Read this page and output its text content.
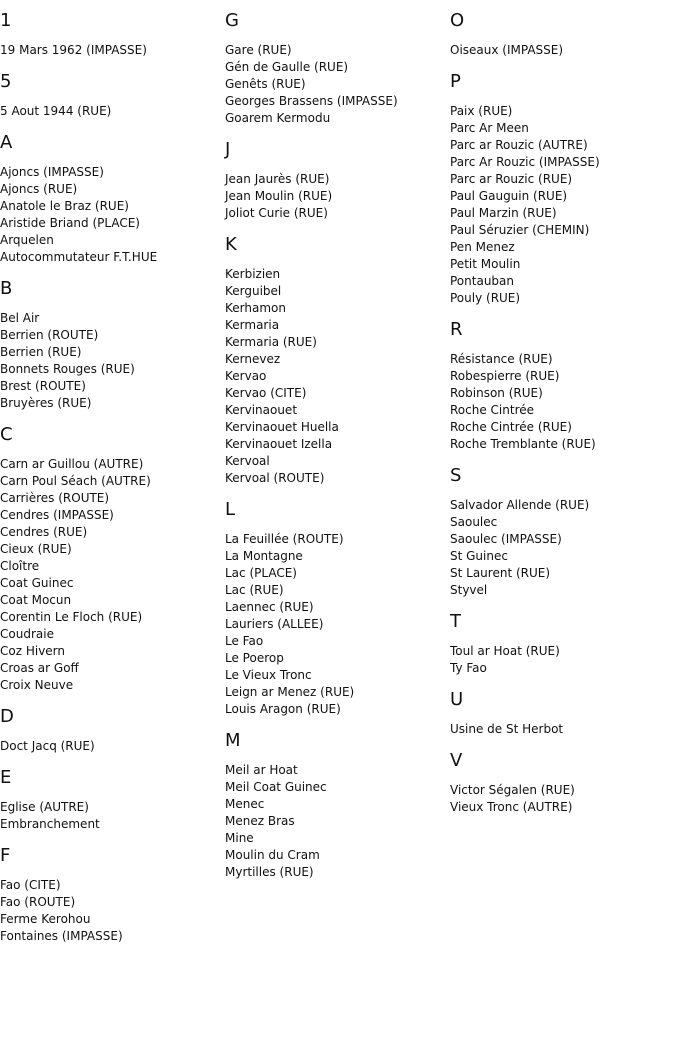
1
19 Mars 1962 (IMPASSE)
5
5 Aout 1944 (RUE)
A
Ajoncs (IMPASSE)
Ajoncs (RUE)
Anatole le Braz (RUE)
Aristide Briand (PLACE)
Arquelen
Autocommutateur F.T.HUE
B
Bel Air
Berrien (ROUTE)
Berrien (RUE)
Bonnets Rouges (RUE)
Brest (ROUTE)
Bruyères (RUE)
C
Carn ar Guillou (AUTRE)
Carn Poul Séach (AUTRE)
Carrières (ROUTE)
Cendres (IMPASSE)
Cendres (RUE)
Cieux (RUE)
Cloître
Coat Guinec
Coat Mocun
Corentin Le Floch (RUE)
Coudraie
Coz Hivern
Croas ar Goff
Croix Neuve
D
Doct Jacq (RUE)
E
Eglise (AUTRE)
Embranchement
F
Fao (CITE)
Fao (ROUTE)
Ferme Kerohou
Fontaines (IMPASSE)
G
Gare (RUE)
Gén de Gaulle (RUE)
Genêts (RUE)
Georges Brassens (IMPASSE)
Goarem Kermodu
J
Jean Jaurès (RUE)
Jean Moulin (RUE)
Joliot Curie (RUE)
K
Kerbizien
Kerguibel
Kerhamon
Kermaria
Kermaria (RUE)
Kernevez
Kervao
Kervao (CITE)
Kervinaouet
Kervinaouet Huella
Kervinaouet Izella
Kervoal
Kervoal (ROUTE)
L
La Feuillée (ROUTE)
La Montagne
Lac (PLACE)
Lac (RUE)
Laennec (RUE)
Lauriers (ALLEE)
Le Fao
Le Poerop
Le Vieux Tronc
Leign ar Menez (RUE)
Louis Aragon (RUE)
M
Meil ar Hoat
Meil Coat Guinec
Menec
Menez Bras
Mine
Moulin du Cram
Myrtilles (RUE)
O
Oiseaux (IMPASSE)
P
Paix (RUE)
Parc Ar Meen
Parc ar Rouzic (AUTRE)
Parc Ar Rouzic (IMPASSE)
Parc ar Rouzic (RUE)
Paul Gauguin (RUE)
Paul Marzin (RUE)
Paul Séruzier (CHEMIN)
Pen Menez
Petit Moulin
Pontauban
Pouly (RUE)
R
Résistance (RUE)
Robespierre (RUE)
Robinson (RUE)
Roche Cintrée
Roche Cintrée (RUE)
Roche Tremblante (RUE)
S
Salvador Allende (RUE)
Saoulec
Saoulec (IMPASSE)
St Guinec
St Laurent (RUE)
Styvel
T
Toul ar Hoat (RUE)
Ty Fao
U
Usine de St Herbot
V
Victor Ségalen (RUE)
Vieux Tronc (AUTRE)
